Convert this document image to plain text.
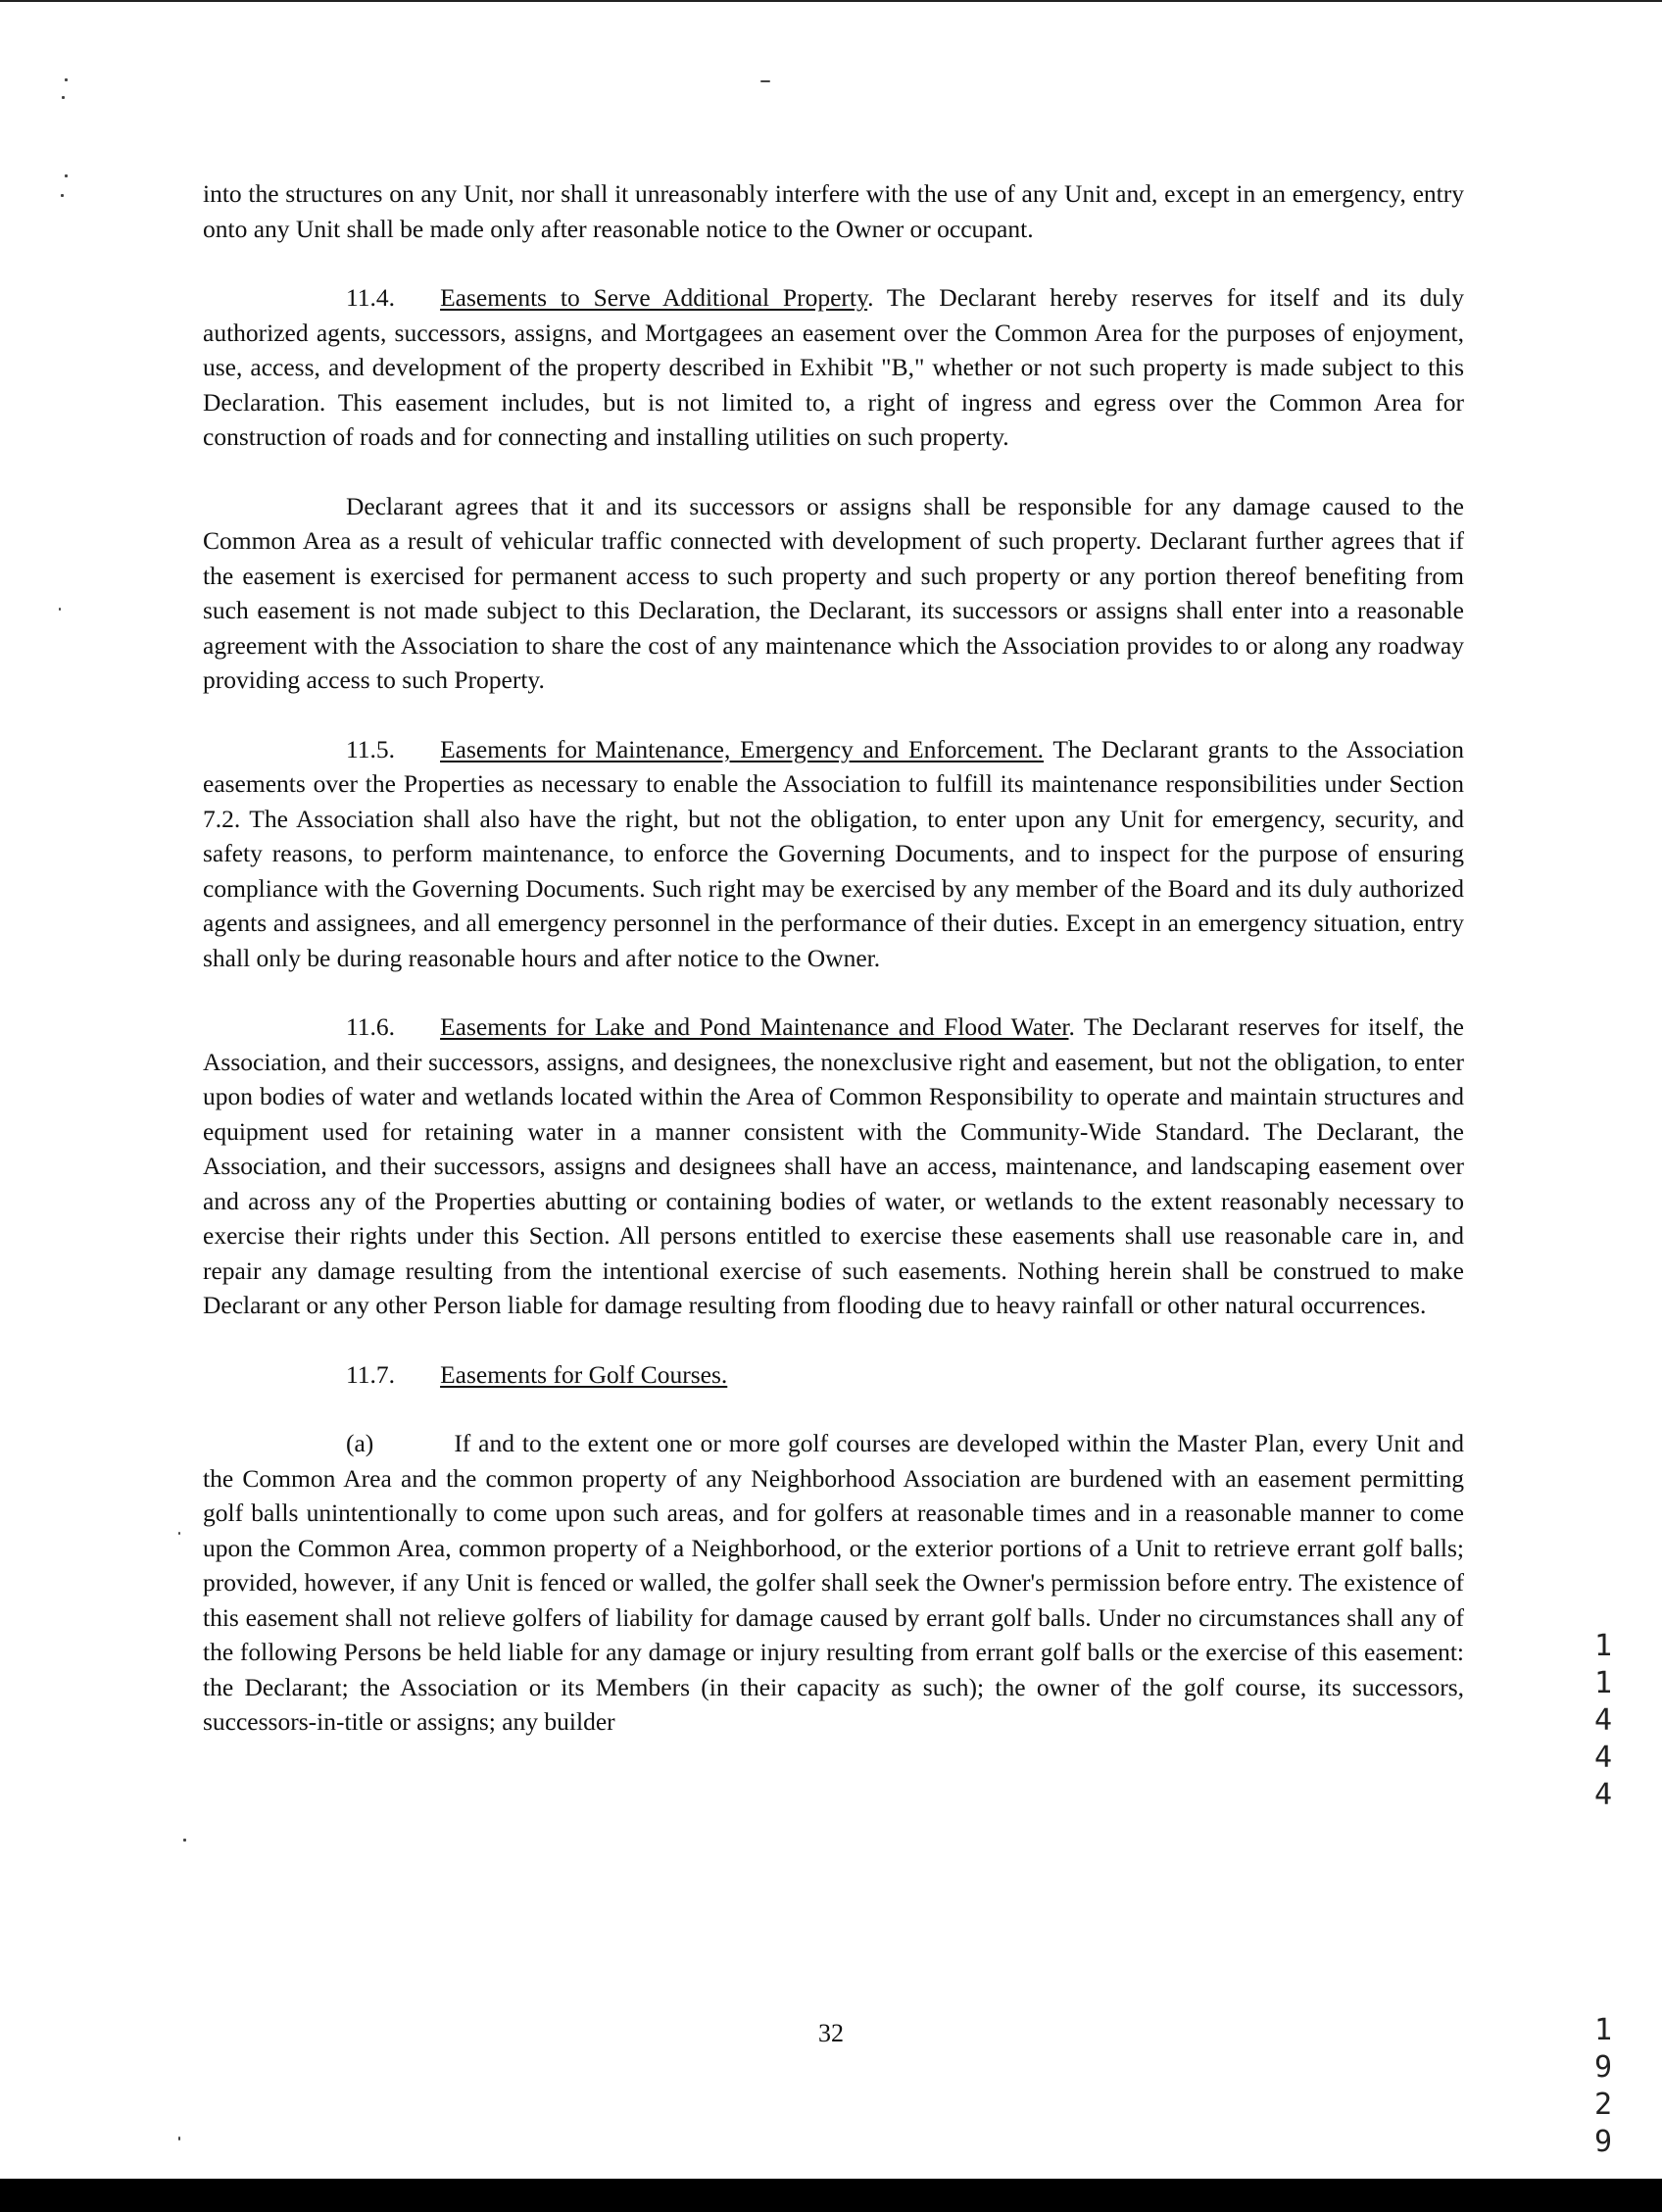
into the structures on any Unit, nor shall it unreasonably interfere with the use of any Unit and, except in an emergency, entry onto any Unit shall be made only after reasonable notice to the Owner or occupant.

11.4. Easements to Serve Additional Property. The Declarant hereby reserves for itself and its duly authorized agents, successors, assigns, and Mortgagees an easement over the Common Area for the purposes of enjoyment, use, access, and development of the property described in Exhibit "B," whether or not such property is made subject to this Declaration. This easement includes, but is not limited to, a right of ingress and egress over the Common Area for construction of roads and for connecting and installing utilities on such property.

Declarant agrees that it and its successors or assigns shall be responsible for any damage caused to the Common Area as a result of vehicular traffic connected with development of such property. Declarant further agrees that if the easement is exercised for permanent access to such property and such property or any portion thereof benefiting from such easement is not made subject to this Declaration, the Declarant, its successors or assigns shall enter into a reasonable agreement with the Association to share the cost of any maintenance which the Association provides to or along any roadway providing access to such Property.

11.5. Easements for Maintenance, Emergency and Enforcement. The Declarant grants to the Association easements over the Properties as necessary to enable the Association to fulfill its maintenance responsibilities under Section 7.2. The Association shall also have the right, but not the obligation, to enter upon any Unit for emergency, security, and safety reasons, to perform maintenance, to enforce the Governing Documents, and to inspect for the purpose of ensuring compliance with the Governing Documents. Such right may be exercised by any member of the Board and its duly authorized agents and assignees, and all emergency personnel in the performance of their duties. Except in an emergency situation, entry shall only be during reasonable hours and after notice to the Owner.

11.6. Easements for Lake and Pond Maintenance and Flood Water. The Declarant reserves for itself, the Association, and their successors, assigns, and designees, the nonexclusive right and easement, but not the obligation, to enter upon bodies of water and wetlands located within the Area of Common Responsibility to operate and maintain structures and equipment used for retaining water in a manner consistent with the Community-Wide Standard. The Declarant, the Association, and their successors, assigns and designees shall have an access, maintenance, and landscaping easement over and across any of the Properties abutting or containing bodies of water, or wetlands to the extent reasonably necessary to exercise their rights under this Section. All persons entitled to exercise these easements shall use reasonable care in, and repair any damage resulting from the intentional exercise of such easements. Nothing herein shall be construed to make Declarant or any other Person liable for damage resulting from flooding due to heavy rainfall or other natural occurrences.

11.7. Easements for Golf Courses.

(a)	If and to the extent one or more golf courses are developed within the Master Plan, every Unit and the Common Area and the common property of any Neighborhood Association are burdened with an easement permitting golf balls unintentionally to come upon such areas, and for golfers at reasonable times and in a reasonable manner to come upon the Common Area, common property of a Neighborhood, or the exterior portions of a Unit to retrieve errant golf balls; provided, however, if any Unit is fenced or walled, the golfer shall seek the Owner's permission before entry. The existence of this easement shall not relieve golfers of liability for damage caused by errant golf balls. Under no circumstances shall any of the following Persons be held liable for any damage or injury resulting from errant golf balls or the exercise of this easement: the Declarant; the Association or its Members (in their capacity as such); the owner of the golf course, its successors, successors-in-title or assigns; any builder

1
1
4
4
4

1
9
2
9

32
